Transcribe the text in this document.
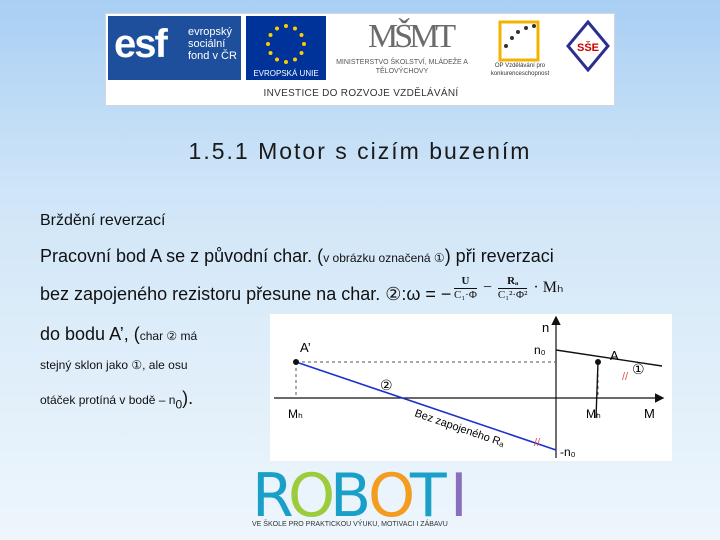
esf evropský
sociální
fond v ČR
EVROPSKÁ UNIE
MŠMT
MINISTERSTVO ŠKOLSTVÍ, MLÁDEŽE A TĚLOVÝCHOVY
OP Vzdělávání pro konkurenceschopnost
SŠE
INVESTICE DO ROZVOJE VZDĚLÁVÁNÍ
1.5.1 Motor s cizím buzením
Brždění reverzací
Pracovní bod A se z původní char. (v obrázku označená ①) při reverzaci
bez zapojeného rezistoru přesune na char. ②:ω = − $\frac{U}{\text{C₁·Φ}} - \frac{\text{Rₐ}}{\text{C₁²·Φ²}} \cdot M_h$
do bodu A’, (char ② má
stejný sklon jako ①, ale osu
otáček protíná v bodě – $n_0$).
//
//
n
M
n₀
-n₀
A
A’
①
②
Mₕ
Mₕ	Bez zapojeného Rₐ
R
O
B
O
T I
VE ŠKOLE PRO PRAKTICKOU VÝUKU, MOTIVACI I ZÁBAVU
